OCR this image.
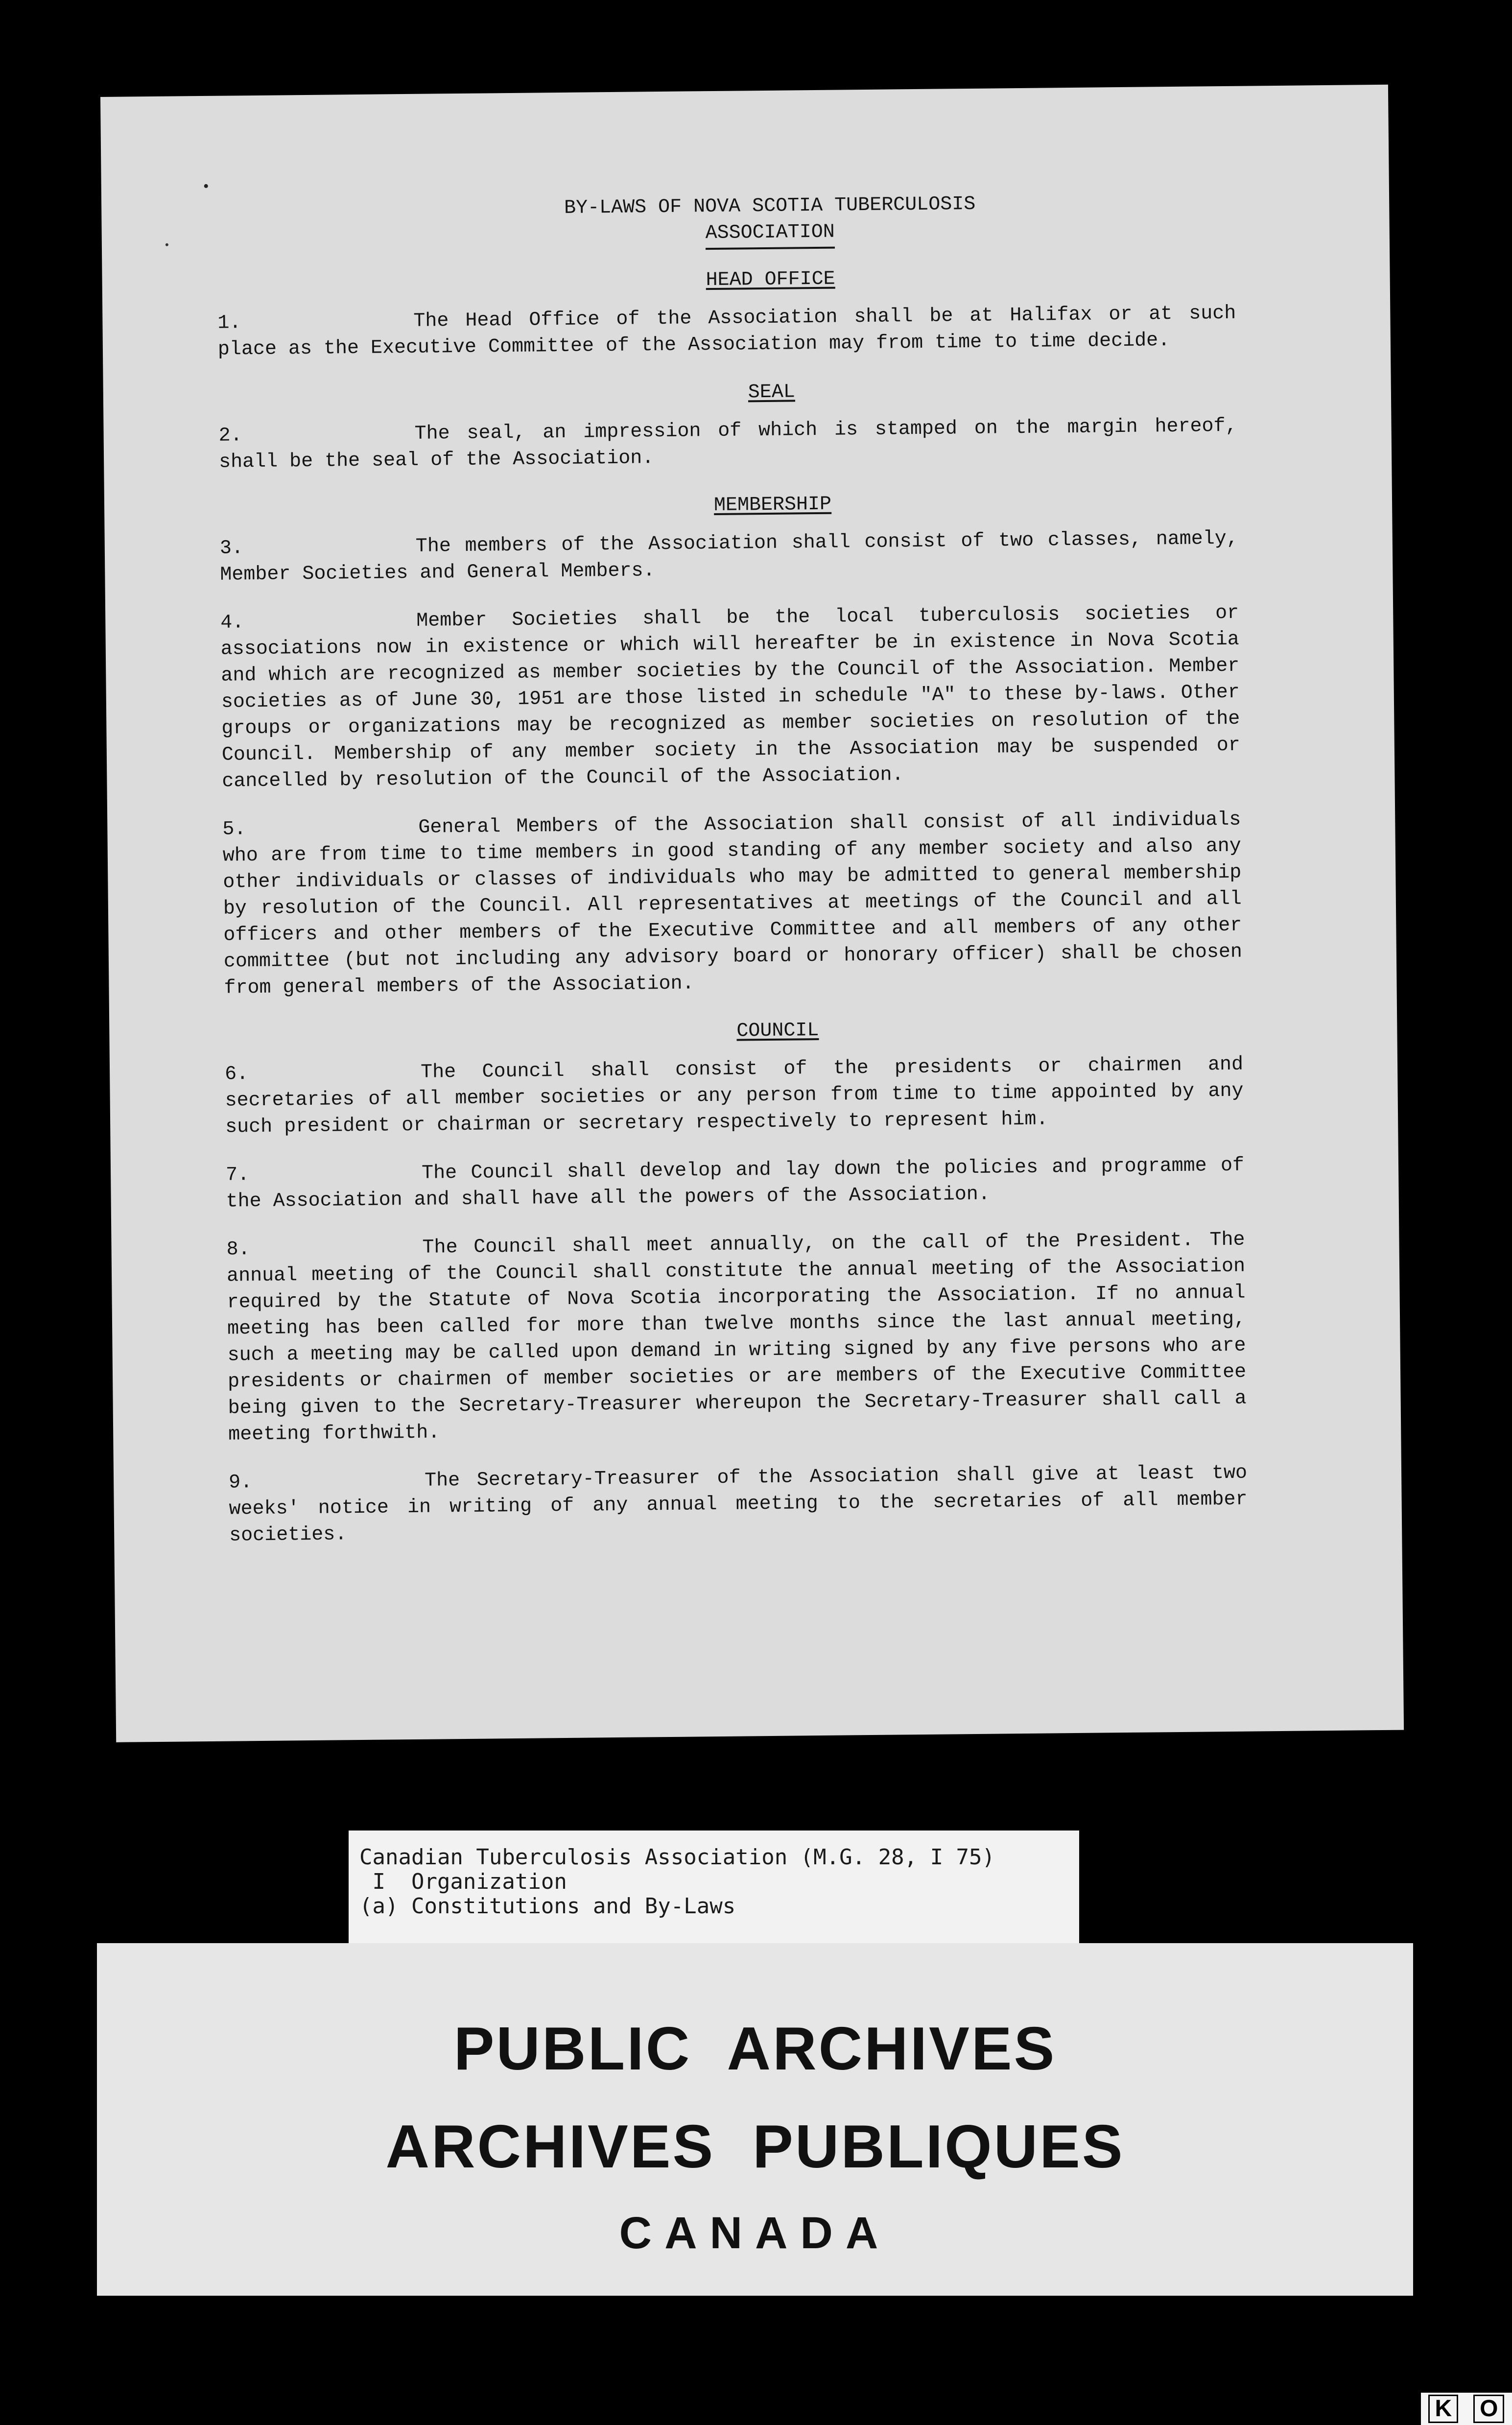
BY-LAWS OF NOVA SCOTIA TUBERCULOSIS
ASSOCIATION
HEAD OFFICE
1.	The Head Office of the Association shall be at Halifax or at such place as the Executive Committee of the Association may from time to time decide.
SEAL
2.	The seal, an impression of which is stamped on the margin hereof, shall be the seal of the Association.
MEMBERSHIP
3.	The members of the Association shall consist of two classes, namely, Member Societies and General Members.
4.	Member Societies shall be the local tuberculosis societies or associations now in existence or which will hereafter be in existence in Nova Scotia and which are recognized as member societies by the Council of the Association. Member societies as of June 30, 1951 are those listed in schedule "A" to these by-laws. Other groups or organizations may be recognized as member societies on resolution of the Council. Membership of any member society in the Association may be suspended or cancelled by resolution of the Council of the Association.
5.	General Members of the Association shall consist of all individuals who are from time to time members in good standing of any member society and also any other individuals or classes of individuals who may be admitted to general membership by resolution of the Council. All representatives at meetings of the Council and all officers and other members of the Executive Committee and all members of any other committee (but not including any advisory board or honorary officer) shall be chosen from general members of the Association.
COUNCIL
6.	The Council shall consist of the presidents or chairmen and secretaries of all member societies or any person from time to time appointed by any such president or chairman or secretary respectively to represent him.
7.	The Council shall develop and lay down the policies and programme of the Association and shall have all the powers of the Association.
8.	The Council shall meet annually, on the call of the President. The annual meeting of the Council shall constitute the annual meeting of the Association required by the Statute of Nova Scotia incorporating the Association. If no annual meeting has been called for more than twelve months since the last annual meeting, such a meeting may be called upon demand in writing signed by any five persons who are presidents or chairmen of member societies or are members of the Executive Committee being given to the Secretary-Treasurer whereupon the Secretary-Treasurer shall call a meeting forthwith.
9.	The Secretary-Treasurer of the Association shall give at least two weeks' notice in writing of any annual meeting to the secretaries of all member societies.
Canadian Tuberculosis Association (M.G. 28, I 75)
I  Organization
(a) Constitutions and By-Laws
PUBLIC  ARCHIVES
ARCHIVES  PUBLIQUES
CANADA
K O
